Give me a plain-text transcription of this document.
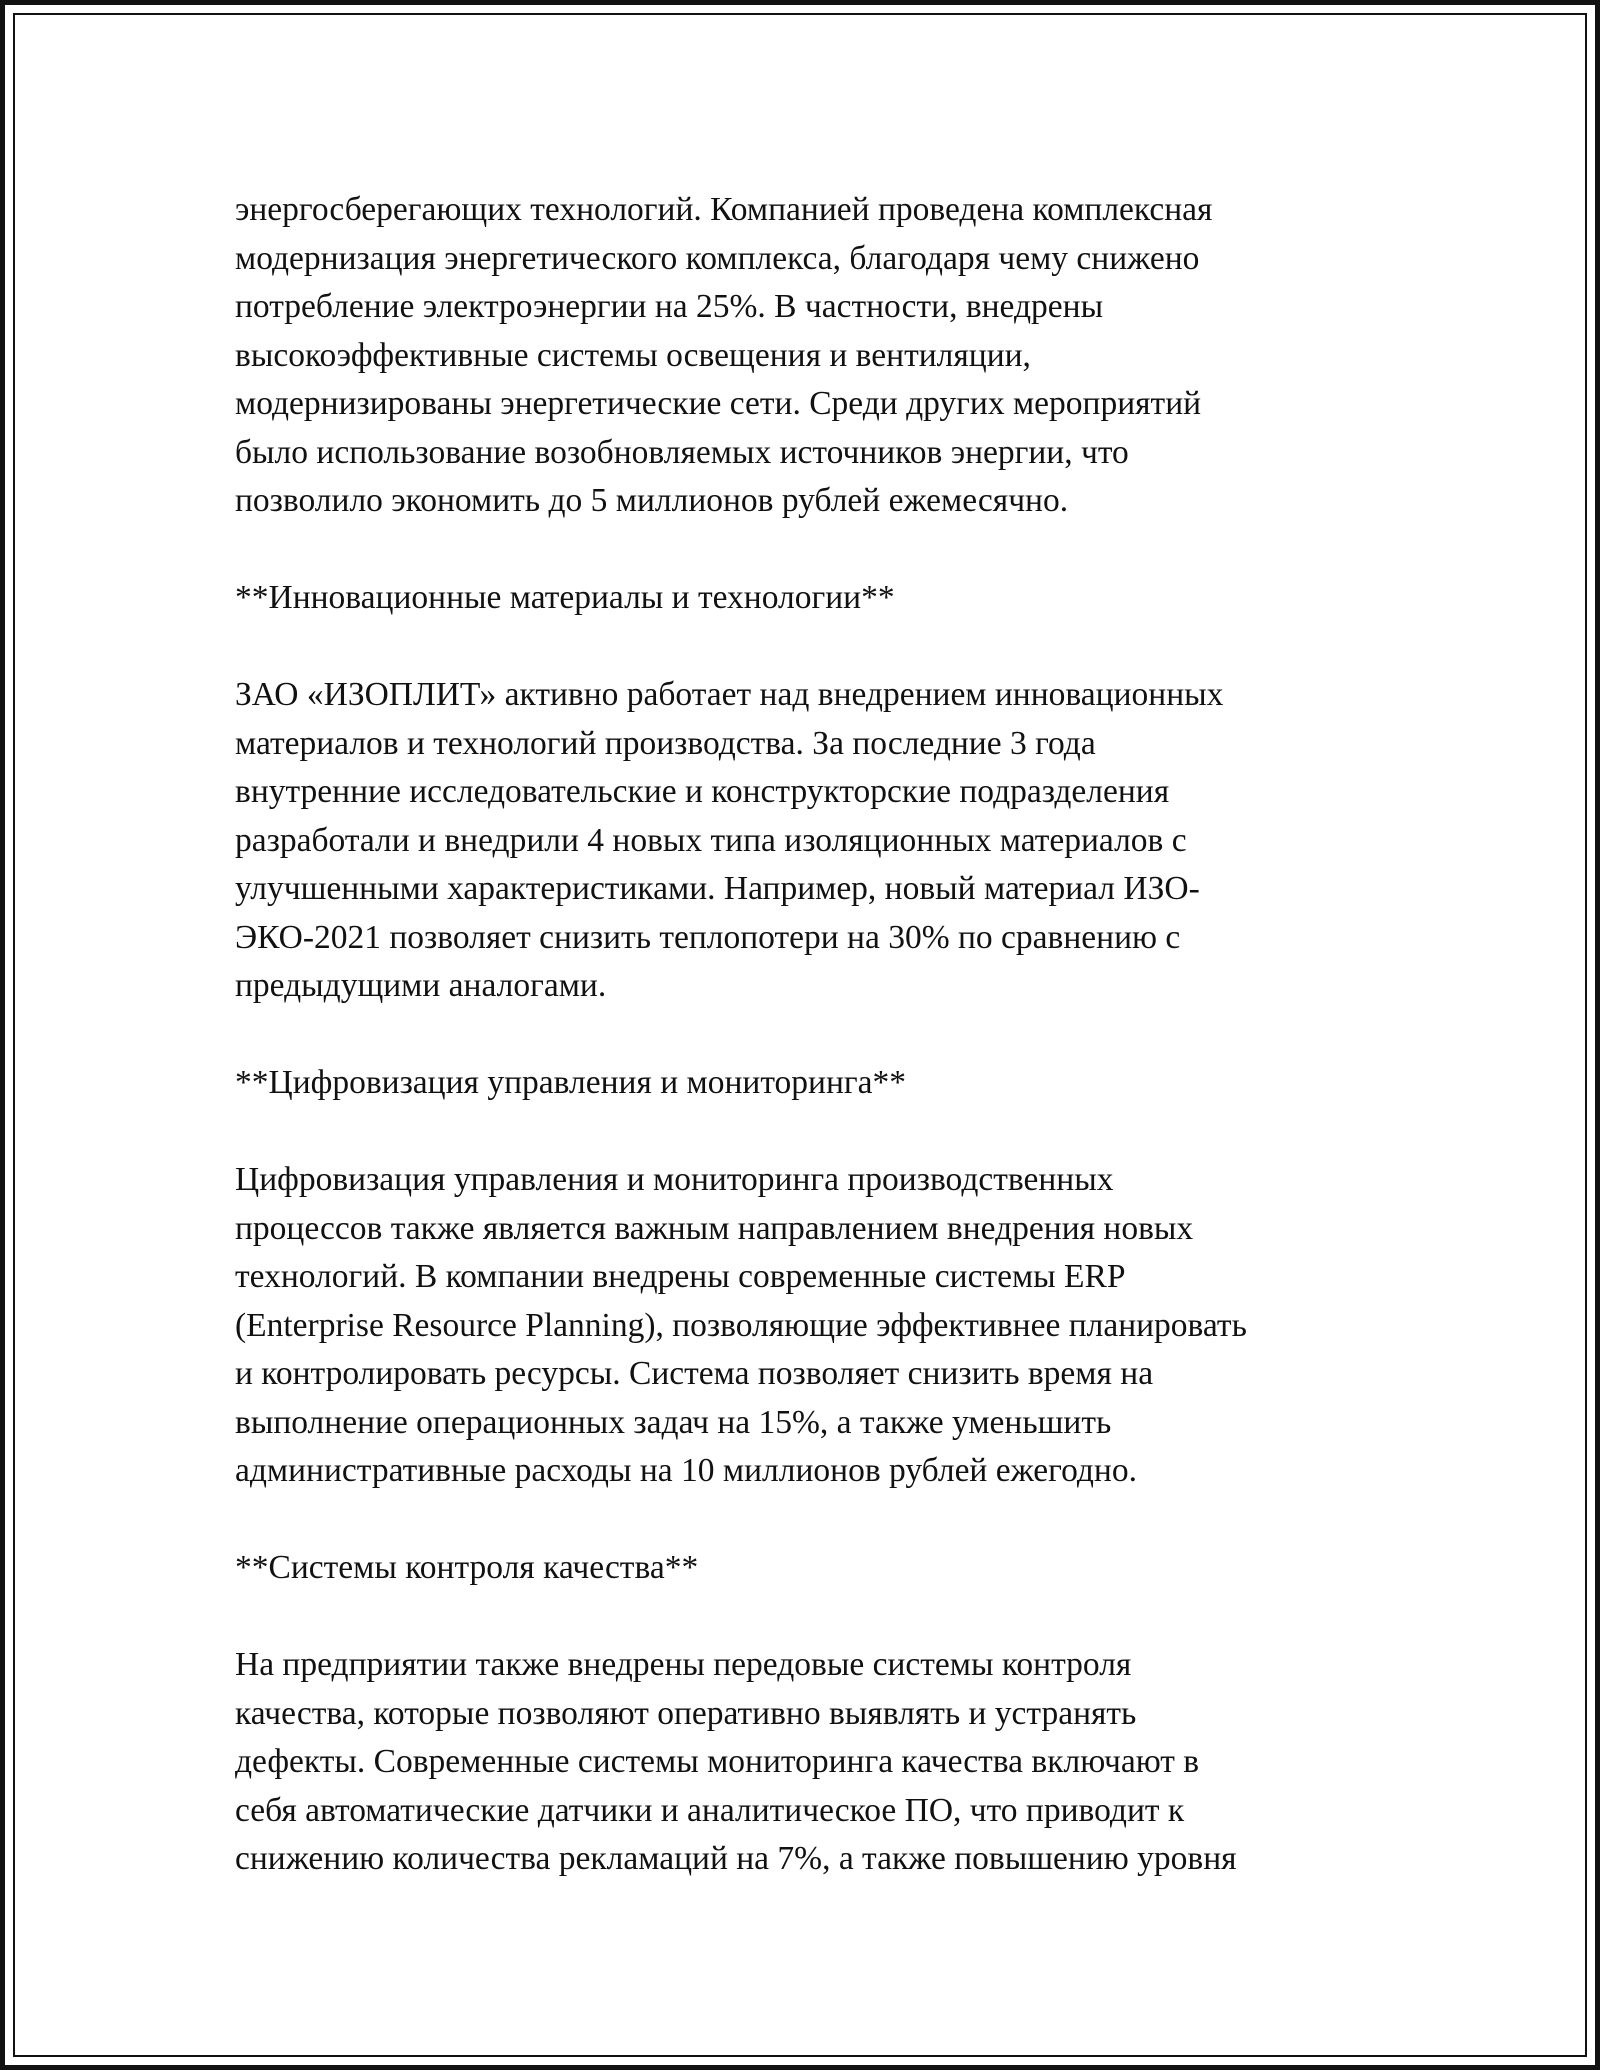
энергосберегающих технологий. Компанией проведена комплексная
модернизация энергетического комплекса, благодаря чему снижено
потребление электроэнергии на 25%. В частности, внедрены
высокоэффективные системы освещения и вентиляции,
модернизированы энергетические сети. Среди других мероприятий
было использование возобновляемых источников энергии, что
позволило экономить до 5 миллионов рублей ежемесячно.
**Инновационные материалы и технологии**
ЗАО «ИЗОПЛИТ» активно работает над внедрением инновационных
материалов и технологий производства. За последние 3 года
внутренние исследовательские и конструкторские подразделения
разработали и внедрили 4 новых типа изоляционных материалов с
улучшенными характеристиками. Например, новый материал ИЗО-
ЭКО-2021 позволяет снизить теплопотери на 30% по сравнению с
предыдущими аналогами.
**Цифровизация управления и мониторинга**
Цифровизация управления и мониторинга производственных
процессов также является важным направлением внедрения новых
технологий. В компании внедрены современные системы ERP
(Enterprise Resource Planning), позволяющие эффективнее планировать
и контролировать ресурсы. Система позволяет снизить время на
выполнение операционных задач на 15%, а также уменьшить
административные расходы на 10 миллионов рублей ежегодно.
**Системы контроля качества**
На предприятии также внедрены передовые системы контроля
качества, которые позволяют оперативно выявлять и устранять
дефекты. Современные системы мониторинга качества включают в
себя автоматические датчики и аналитическое ПО, что приводит к
снижению количества рекламаций на 7%, а также повышению уровня
